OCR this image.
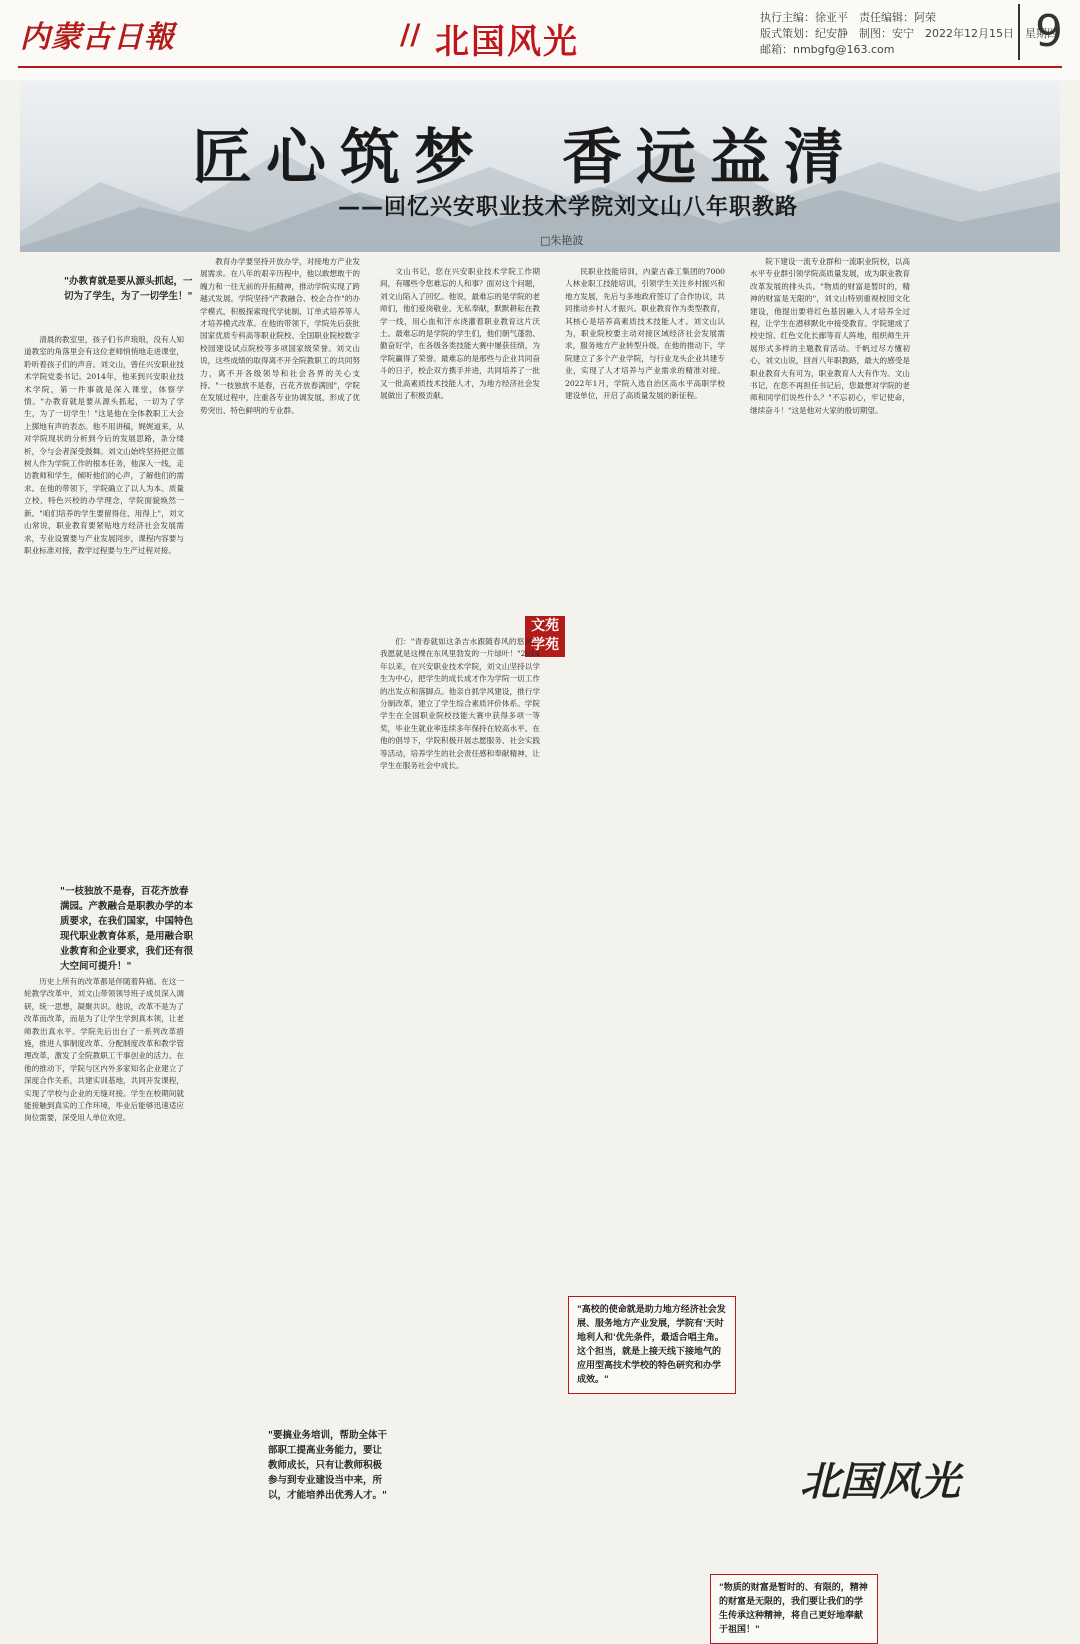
内蒙古日報	// 北国风光
执行主编：徐亚平　责任编辑：阿荣
版式策划：纪安静　制图：安宁　2022年12月15日　星期四
邮箱：nmbgfg@163.com	9
匠心筑梦　香远益清
——回忆兴安职业技术学院刘文山八年职教路
□朱艳波
"办教育就是要从源头抓起，一切为了学生，为了一切学生！"

清晨的教室里，孩子们书声琅琅，没有人知道教室的角落里会有这位老师悄悄地走进课堂，聆听着孩子们的声音。刘文山，曾任兴安职业技术学院党委书记。2014年，他来到兴安职业技术学院，第一件事就是深入课堂，体察学情。"办教育就是要从源头抓起，一切为了学生，为了一切学生！"这是他在全体教职工大会上掷地有声的表态。他不用讲稿，娓娓道来，从对学院现状的分析到今后的发展思路，条分缕析，令与会者深受鼓舞。刘文山始终坚持把立德树人作为学院工作的根本任务，他深入一线，走访教师和学生，倾听他们的心声，了解他们的需求。在他的带领下，学院确立了以人为本、质量立校、特色兴校的办学理念，学院面貌焕然一新。"咱们培养的学生要留得住、用得上"，刘文山常说，职业教育要紧贴地方经济社会发展需求，专业设置要与产业发展同步，课程内容要与职业标准对接，教学过程要与生产过程对接。

"一枝独放不是春，百花齐放春满园。产教融合是职教办学的本质要求，在我们国家，中国特色现代职业教育体系，是用融合职业教育和企业要求，我们还有很大空间可提升！"

历史上所有的改革都是伴随着阵痛。在这一轮教学改革中，刘文山带领领导班子成员深入调研，统一思想，凝聚共识。他说，改革不是为了改革而改革，而是为了让学生学到真本领，让老师教出真水平。学院先后出台了一系列改革措施，推进人事制度改革、分配制度改革和教学管理改革，激发了全院教职工干事创业的活力。在他的推动下，学院与区内外多家知名企业建立了深度合作关系，共建实训基地，共同开发课程，实现了学校与企业的无缝对接。学生在校期间就能接触到真实的工作环境，毕业后能够迅速适应岗位需要，深受用人单位欢迎。

教育办学要坚持开放办学，对接地方产业发展需求。在八年的艰辛历程中，他以敢想敢干的魄力和一往无前的开拓精神，推动学院实现了跨越式发展。学院坚持"产教融合、校企合作"的办学模式，积极探索现代学徒制、订单式培养等人才培养模式改革。在他的带领下，学院先后获批国家优质专科高等职业院校、全国职业院校数字校园建设试点院校等多项国家级荣誉。刘文山说，这些成绩的取得离不开全院教职工的共同努力，离不开各级领导和社会各界的关心支持。"一枝独放不是春，百花齐放春满园"，学院在发展过程中，注重各专业协调发展，形成了优势突出、特色鲜明的专业群。

文山书记，您在兴安职业技术学院工作期间，有哪些令您难忘的人和事？面对这个问题，刘文山陷入了回忆。他说，最难忘的是学院的老师们，他们爱岗敬业、无私奉献，默默耕耘在教学一线，用心血和汗水浇灌着职业教育这片沃土。最难忘的是学院的学生们，他们朝气蓬勃、勤奋好学，在各级各类技能大赛中屡获佳绩，为学院赢得了荣誉。最难忘的是那些与企业共同奋斗的日子，校企双方携手并进，共同培养了一批又一批高素质技术技能人才，为地方经济社会发展做出了积极贡献。

文苑学苑

们："青春就如这条吉水跟随春风的悠扬，我愿就是这棵在东风里勃发的一片绿叶！"2014年以来，在兴安职业技术学院，刘文山坚持以学生为中心，把学生的成长成才作为学院一切工作的出发点和落脚点。他亲自抓学风建设，推行学分制改革，建立了学生综合素质评价体系。学院学生在全国职业院校技能大赛中获得多项一等奖，毕业生就业率连续多年保持在较高水平。在他的倡导下，学院积极开展志愿服务、社会实践等活动，培养学生的社会责任感和奉献精神，让学生在服务社会中成长。

民职业技能培训，内蒙古森工集团的7000人林业职工技能培训，引领学生关注乡村振兴和地方发展，先后与多地政府签订了合作协议，共同推动乡村人才振兴。职业教育作为类型教育，其核心是培养高素质技术技能人才。刘文山认为，职业院校要主动对接区域经济社会发展需求，服务地方产业转型升级。在他的推动下，学院建立了多个产业学院，与行业龙头企业共建专业，实现了人才培养与产业需求的精准对接。2022年1月，学院入选自治区高水平高职学校建设单位，开启了高质量发展的新征程。

"高校的使命就是助力地方经济社会发展、服务地方产业发展，学院有'天时地利人和'优先条件，最适合唱主角。这个担当，就是上接天线下接地气的应用型高技术学校的特色研究和办学成效。"
"物质的财富是暂时的、有限的，精神的财富是无限的，我们要让我们的学生传承这种精神，将自己更好地奉献于祖国！"

院下建设一流专业群和一流职业院校，以高水平专业群引领学院高质量发展，成为职业教育改革发展的排头兵。"物质的财富是暂时的，精神的财富是无限的"，刘文山特别重视校园文化建设，他提出要将红色基因融入人才培养全过程，让学生在潜移默化中接受教育。学院建成了校史馆、红色文化长廊等育人阵地，组织师生开展形式多样的主题教育活动。千帆过尽方懂初心，刘文山说，回首八年职教路，最大的感受是职业教育大有可为，职业教育人大有作为。文山书记，在您不再担任书记后，您最想对学院的老师和同学们说些什么？"不忘初心，牢记使命，继续奋斗！"这是他对大家的殷切期望。

"要搞业务培训，帮助全体干部职工提高业务能力，要让教师成长，只有让教师积极参与到专业建设当中来，所以，才能培养出优秀人才。"	北国风光
